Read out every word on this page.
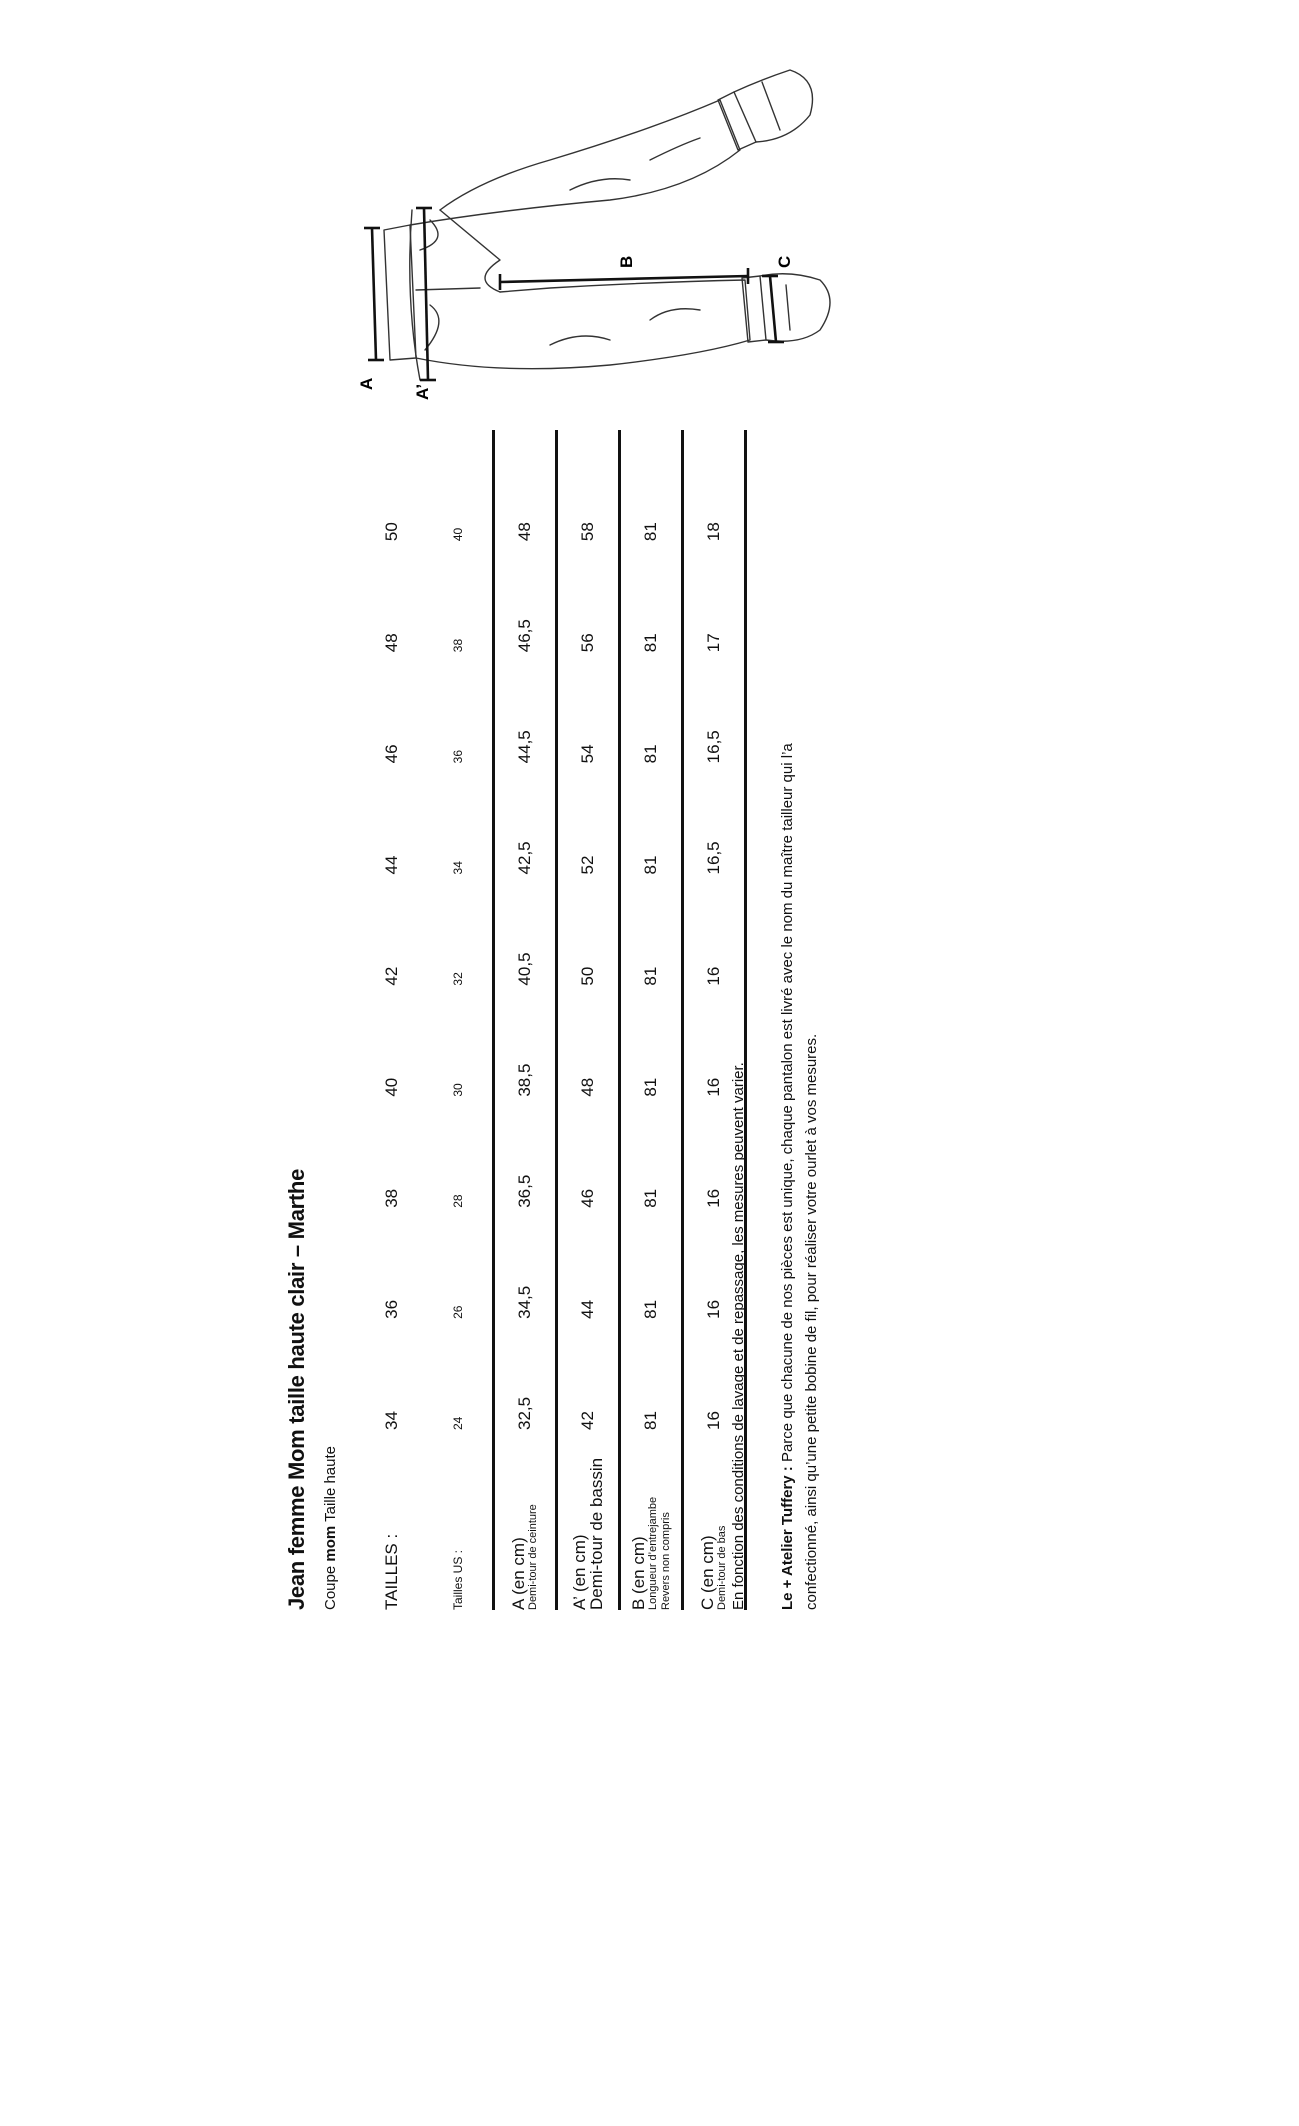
Jean femme Mom taille haute clair – Marthe Coupe mom Taille haute
TAILLES :	34	36	38	40	42	44	46	48	50
Tailles US :	24	26	28	30	32	34	36	38	40

A (en cm) Demi-tour de ceinture	32,5	34,5	36,5	38,5	40,5	42,5	44,5	46,5	48

A’ (en cm)
Demi-tour de bassin	42	44	46	48	50	52	54	56	58

B (en cm) Longueur d’entrejambe Revers non compris	81	81	81	81	81	81	81	81	81

C (en cm) Demi-tour de bas	16	16	16	16	16	16,5	16,5	17	18
En fonction des conditions de lavage et de repassage, les mesures peuvent varier. Le + Atelier Tuffery : Parce que chacune de nos pièces est unique, chaque pantalon est livré avec le nom du maître tailleur qui l’a confectionné, ainsi qu’une petite bobine de fil, pour réaliser votre ourlet à vos mesures.
A
A’
B	C
